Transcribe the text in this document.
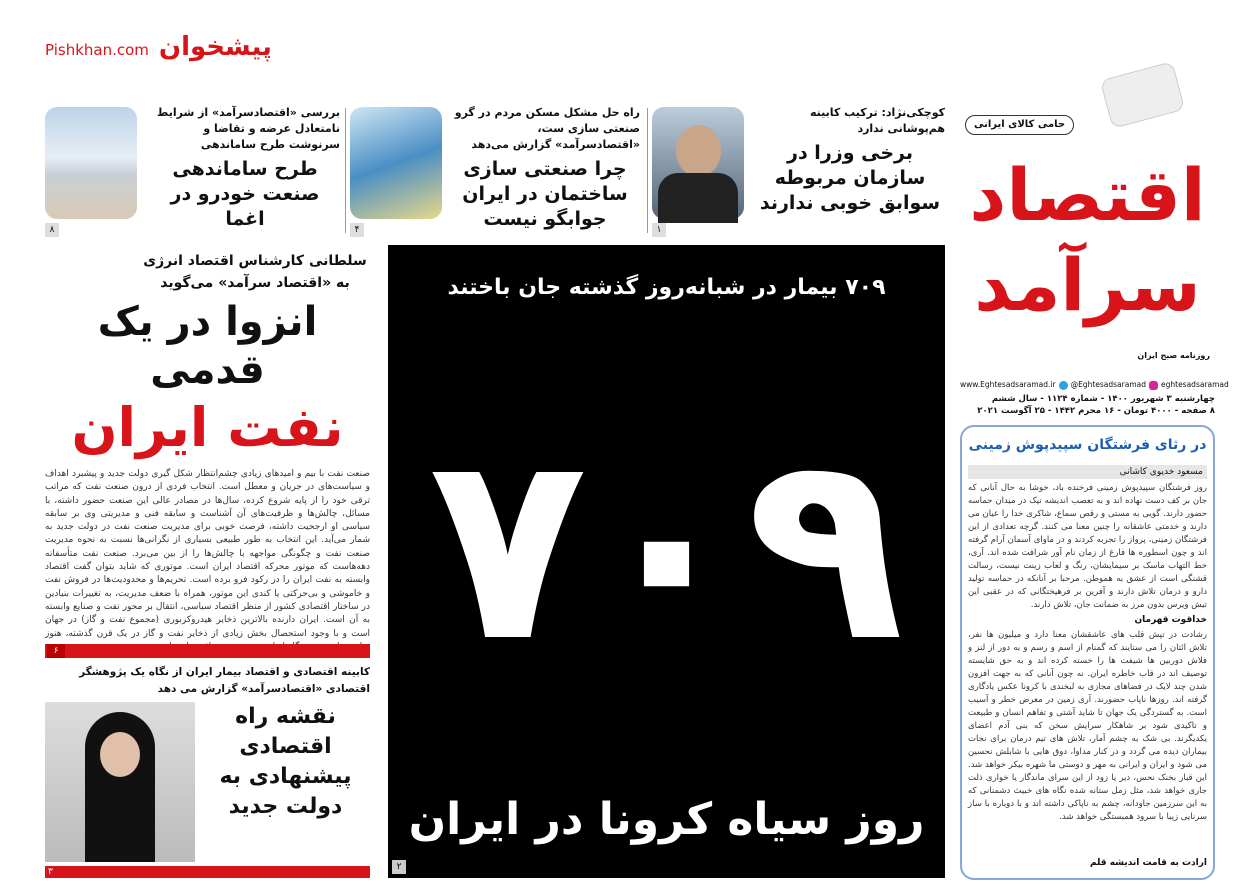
کوچکی‌نژاد: ترکیب کابینه هم‌پوشانی ندارد
برخی وزرا در سازمان مربوطه سوابق خوبی ندارند
۱
راه حل مشکل مسکن مردم در گرو صنعتی سازی ست، «اقتصادسرآمد» گزارش می‌دهد
چرا صنعتی سازی ساختمان در ایران جوابگو نیست
۴
بررسی «اقتصادسرآمد» از شرایط نامتعادل عرضه و تقاضا و سرنوشت طرح ساماندهی
طرح ساماندهی صنعت خودرو در اغما
۸
حامی کالای ایرانی
اقتصاد سرآمد
روزنامه صبح ایران
www.Eghtesadsaramad.ir @Eghtesadsaramad eghtesadsaramad
چهارشنبه ۳ شهریور ۱۴۰۰ - شماره ۱۱۲۴ - سال ششم
۸ صفحه - ۴۰۰۰ تومان - ۱۶ محرم ۱۴۴۲ - ۲۵ آگوست ۲۰۲۱
۷۰۹ بیمار در شبانه‌روز گذشته جان باختند
۷۰۹
روز سیاه کرونا در ایران
۲
سلطانی کارشناس اقتصاد انرژی به «اقتصاد سرآمد» می‌گوید
انزوا در یک قدمی
نفت ایران
صنعت نفت با بیم و امیدهای زیادی چشم‌انتظار شکل گیری دولت جدید و پیشبرد اهداف و سیاست‌های در جریان و معطل است. انتخاب فردی از درون صنعت نفت که مراتب ترقی خود را از پایه شروع کرده، سال‌ها در مصادر عالی این صنعت حضور داشته، با مسائل، چالش‌ها و ظرفیت‌های آن آشناست و سابقه فنی و مدیریتی وی بر سابقه سیاسی او ارجحیت داشته، فرصت خوبی برای مدیریت صنعت نفت در دولت جدید به شمار می‌آید. این انتخاب به طور طبیعی بسیاری از نگرانی‌ها نسبت به نحوه مدیریت صنعت نفت و چگونگی مواجهه با چالش‌ها را از بین می‌برد. صنعت نفت متأسفانه دهه‌هاست که موتور محرکه اقتصاد ایران است. موتوری که شاید بتوان گفت اقتصاد وابسته به نفت ایران را در رکود فرو برده است. تحریم‌ها و محدودیت‌ها در فروش نفت و خاموشی و بی‌حرکتی یا کندی این موتور، همراه با ضعف مدیریت، به تغییرات بنیادین در ساختار اقتصادی کشور از منظر اقتصاد سیاسی، انتقال بر محور نفت و صنایع وابسته به آن است. ایران دارنده بالاترین ذخایر هیدروکربوری (مجموع نفت و گاز) در جهان است و با وجود استحصال بخش زیادی از ذخایر نفت و گاز در یک قرن گذشته، هنوز
۶
کابینه اقتصادی و اقتصاد بیمار ایران از نگاه یک پژوهشگر اقتصادی «اقتصادسرآمد» گزارش می دهد
نقشه راه اقتصادی پیشنهادی به دولت جدید
۳
در رثای فرشتگان سپیدپوش زمینی
مسعود خدیوی کاشانی
روز فرشتگان سپیدپوش زمینی فرخنده باد، خوشا به حال آنانی که جان بر کف دست نهاده اند و به تعصب اندیشه نیک در میدان حماسه حضور دارند. گویی به مستی و رقص سماع، شاکری خدا را عیان می دارند و خدمتی عاشقانه را چنین معنا می کنند. گرچه تعدادی از این فرشتگان زمینی، پرواز را تجربه کردند و در ماوای آسمان آرام گرفته اند و چون اسطوره ها فارغ از زمان نام آور شرافت شده اند. آری، خط التهاب ماسک بر سیمایشان، رنگ و لعاب زینت نیست، رسالت قشنگی است از عشق به هموطن. مرحبا بر آنانکه در حماسه تولید دارو و درمان تلاش دارند و آفرین بر فرهیختگانی که در عقبی این تیش ویرس بدون مرز به ضمانت جان، تلاش دارند.
خداقوت قهرمان
رشادت در تپش قلب های عاشقشان معنا دارد و میلیون ها نفر، تلاش ائتان را می ستایند که گمنام از اسم و رسم و به دور از لنز و فلاش دوربین ها شیفت ها را خسته کرده اند و به حق شایسته توصیف اند در قاب خاطره ایران. نه چون آنانی که به جهت افزون شدن چند لایک در فضاهای مجازی به لبخندی با کرونا عکس یادگاری گرفته اند. روزها ناپاب حضورند. آری زمین در معرض خطر و آسیب است. به گستردگی یک جهان تا شاید آشتی و تفاهم انسان و طبیعت و تاکیدی شود بر شاهکار سرایش سخن که بنی آدم اعضای یکدیگرند. بی شک به چشم آمار، تلاش های تیم درمان برای نجات بیماران دیده می گردد و در کنار مداوا، دوق هایی با شابلش تحسین می شود و ایران و ایرانی به مهر و دوستی ما شهره بیکر خواهد شد. این قبار بخنک نحس، دیر یا زود از این سرای ماندگار یا خواری ذلت جاری خواهد شد، مثل زمل ستانه شده نگاه های خبیث دشمنانی که به این سرزمین جاودانه، چشم به ناپاکی داشته اند و با دوباره با ساز سرنایی زیبا با سرود همبستگی خواهد شد.
ارادت به قامت اندیشه قلم
پیشخوان
Pishkhan.com
